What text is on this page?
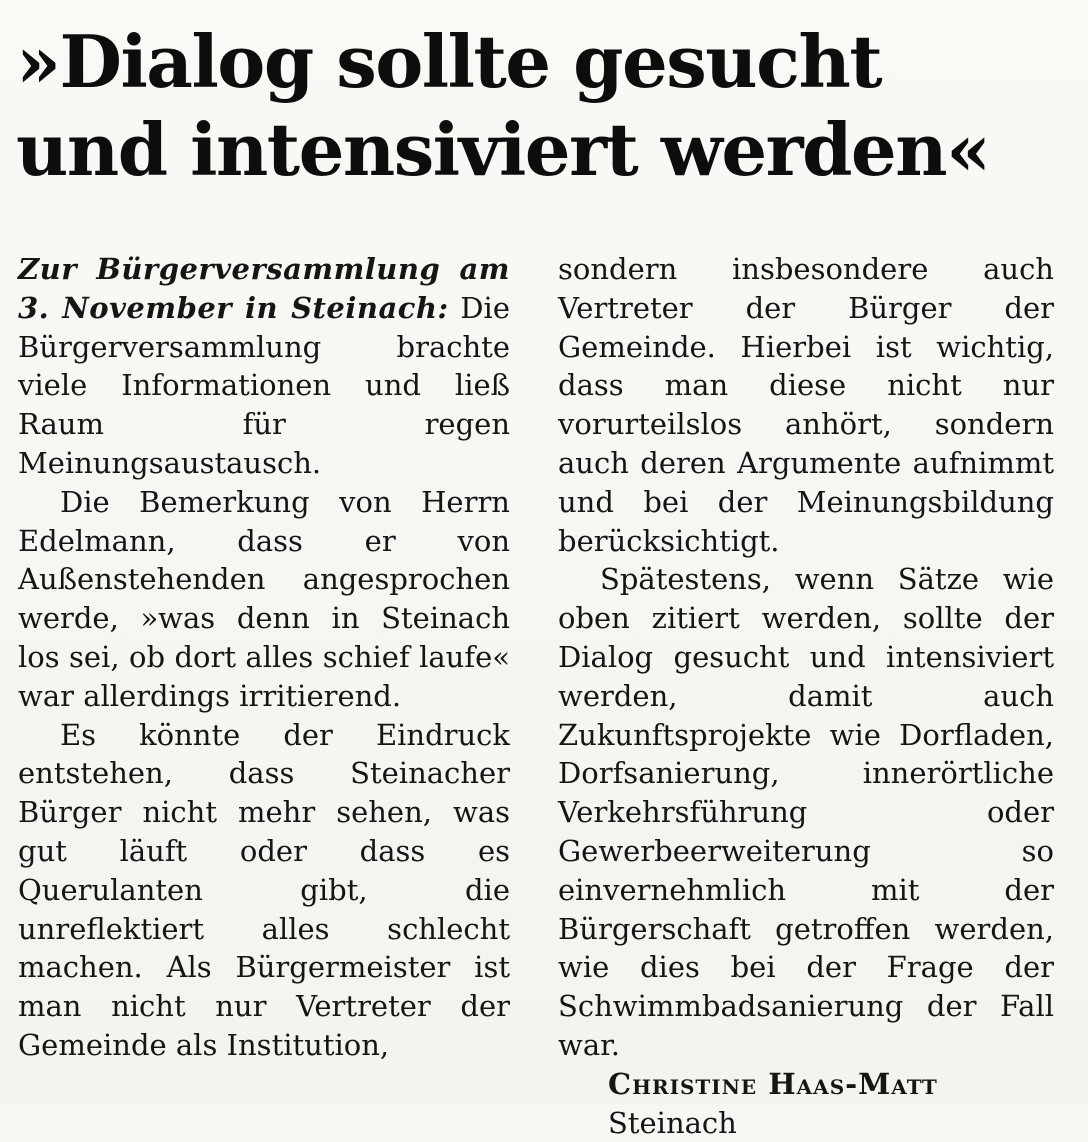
»Dialog sollte gesucht
und intensiviert werden«

Zur Bürgerversammlung am 3. November in Steinach: Die Bürgerversammlung brachte viele Informationen und ließ Raum für regen Meinungsaustausch.

Die Bemerkung von Herrn Edelmann, dass er von Außenstehenden angesprochen werde, »was denn in Steinach los sei, ob dort alles schief laufe« war allerdings irritierend.

Es könnte der Eindruck entstehen, dass Steinacher Bürger nicht mehr sehen, was gut läuft oder dass es Querulanten gibt, die unreflektiert alles schlecht machen. Als Bürgermeister ist man nicht nur Vertreter der Gemeinde als Institution,

sondern insbesondere auch Vertreter der Bürger der Gemeinde. Hierbei ist wichtig, dass man diese nicht nur vorurteilslos anhört, sondern auch deren Argumente aufnimmt und bei der Meinungsbildung berücksichtigt.

Spätestens, wenn Sätze wie oben zitiert werden, sollte der Dialog gesucht und intensiviert werden, damit auch Zukunftsprojekte wie Dorfladen, Dorfsanierung, innerörtliche Verkehrsführung oder Gewerbeerweiterung so einvernehmlich mit der Bürgerschaft getroffen werden, wie dies bei der Frage der Schwimmbadsanierung der Fall war.

Christine Haas-Matt
Steinach
